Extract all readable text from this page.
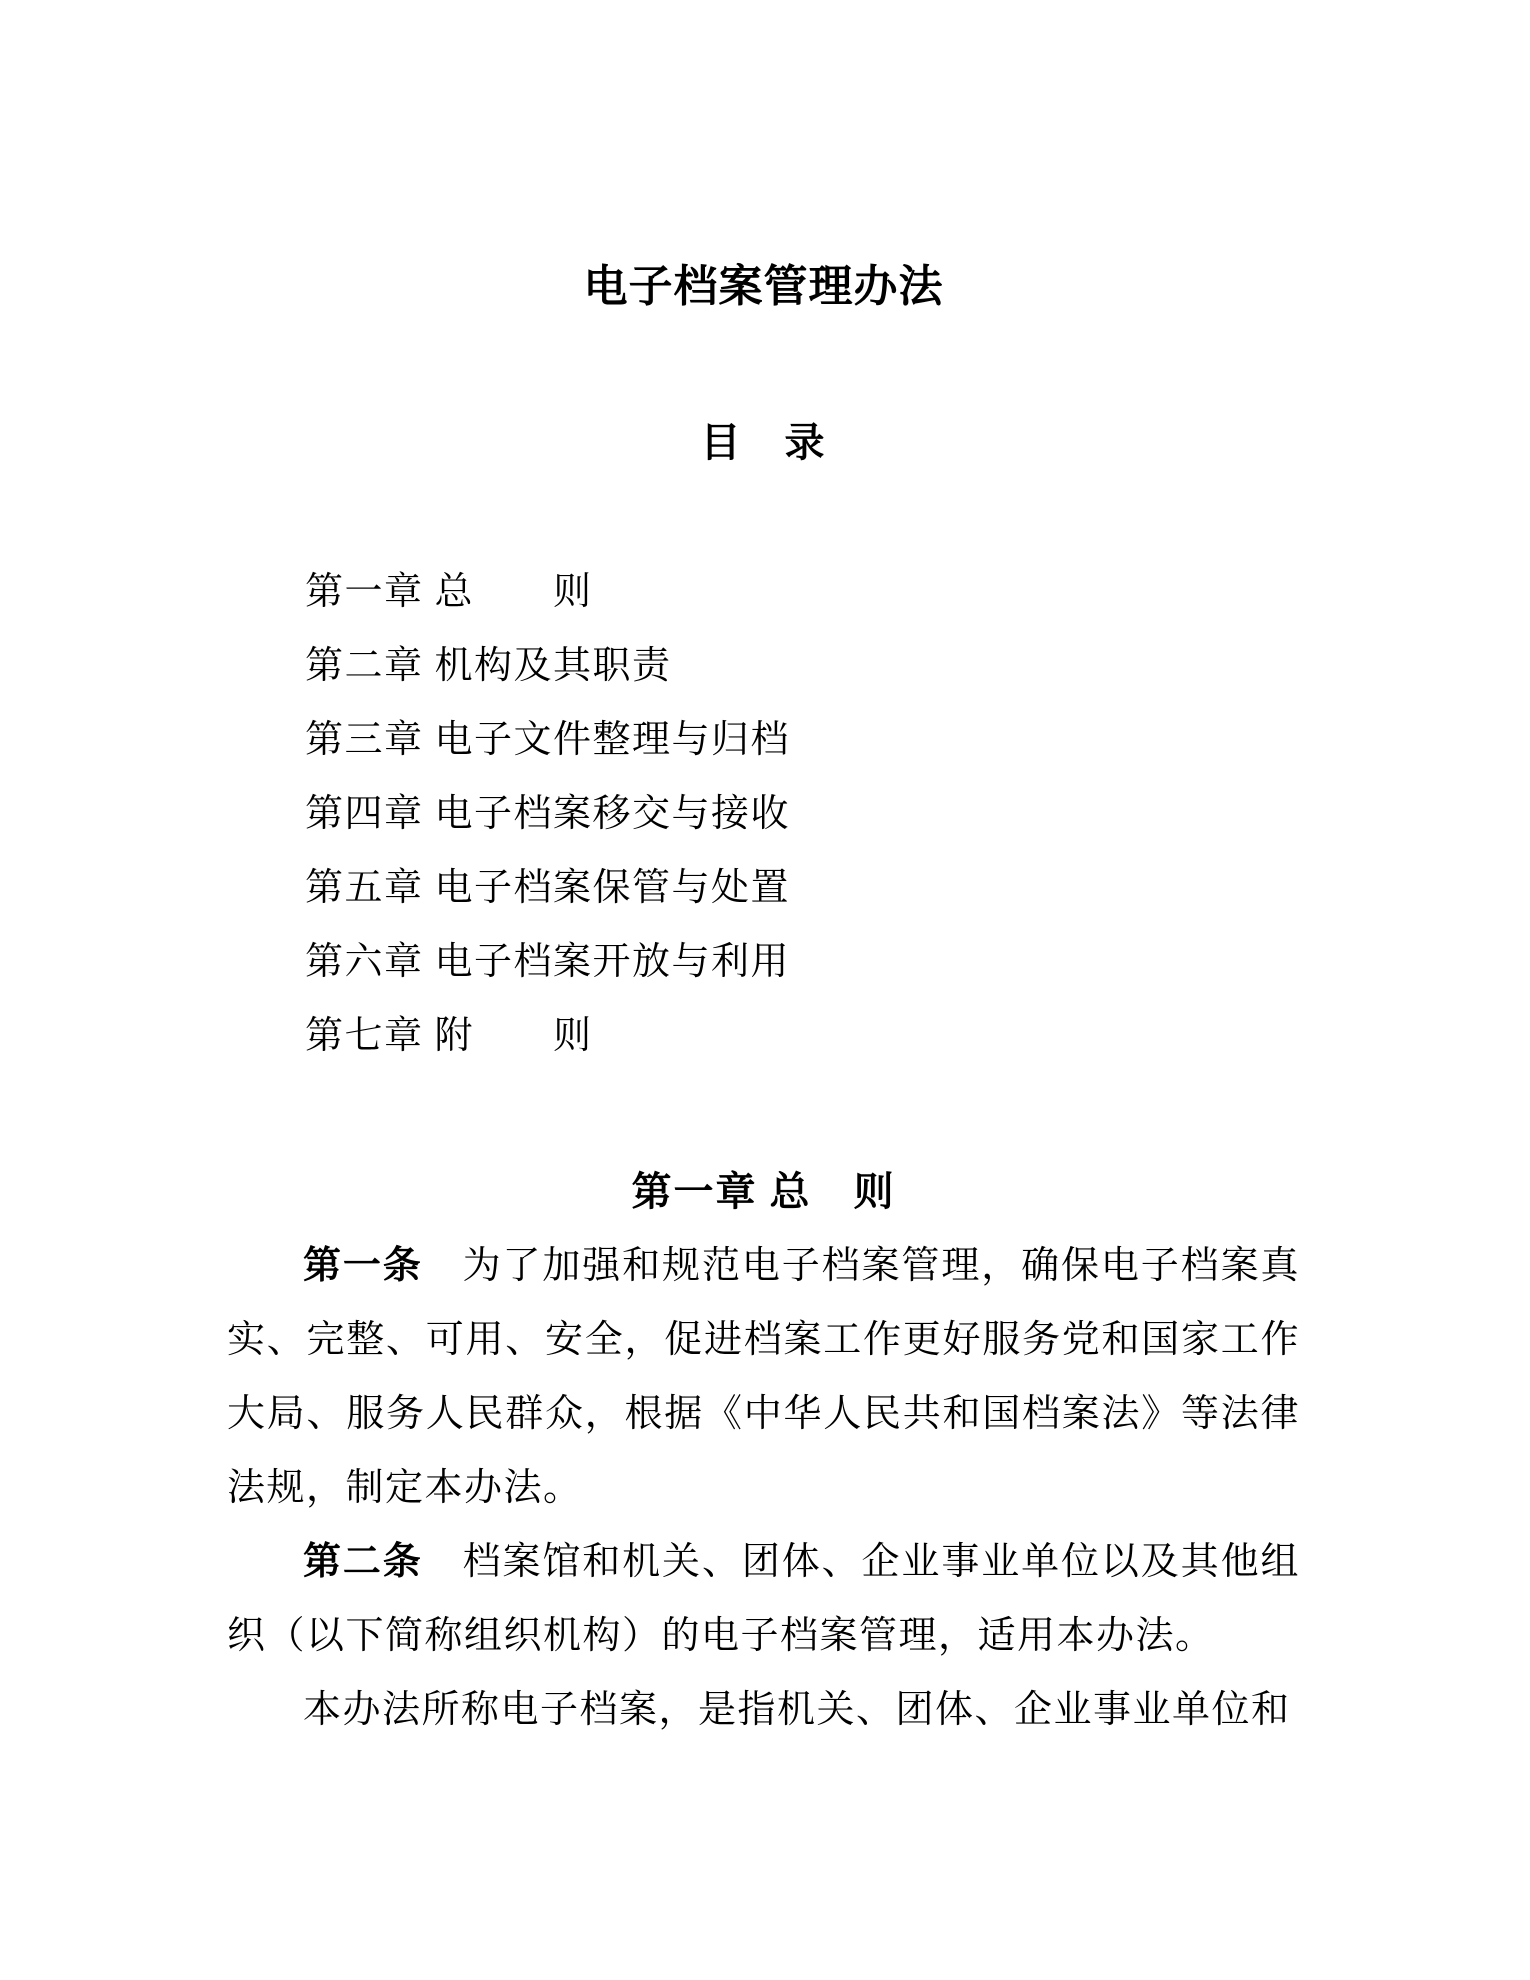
电子档案管理办法
目　录
第一章 总　　则
第二章 机构及其职责
第三章 电子文件整理与归档
第四章 电子档案移交与接收
第五章 电子档案保管与处置
第六章 电子档案开放与利用
第七章 附　　则
第一章 总　则

第一条　为了加强和规范电子档案管理，确保电子档案真实、完整、可用、安全，促进档案工作更好服务党和国家工作大局、服务人民群众，根据《中华人民共和国档案法》等法律法规，制定本办法。

第二条　档案馆和机关、团体、企业事业单位以及其他组织（以下简称组织机构）的电子档案管理，适用本办法。

本办法所称电子档案，是指机关、团体、企业事业单位和
